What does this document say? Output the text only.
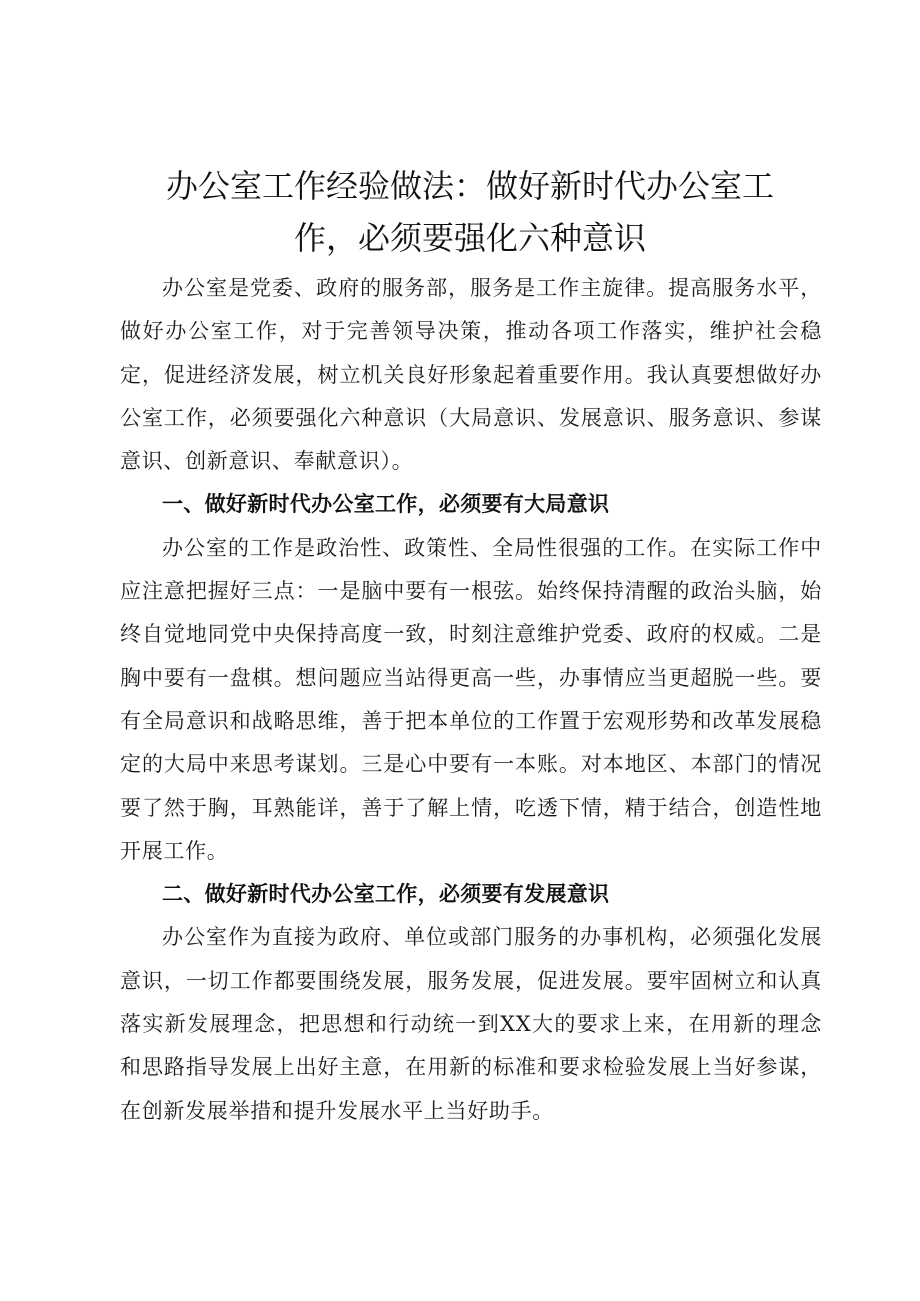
办公室工作经验做法：做好新时代办公室工
作，必须要强化六种意识

办公室是党委、政府的服务部，服务是工作主旋律。提高服务水平，做好办公室工作，对于完善领导决策，推动各项工作落实，维护社会稳定，促进经济发展，树立机关良好形象起着重要作用。我认真要想做好办公室工作，必须要强化六种意识（大局意识、发展意识、服务意识、参谋意识、创新意识、奉献意识）。

一、做好新时代办公室工作，必须要有大局意识

办公室的工作是政治性、政策性、全局性很强的工作。在实际工作中应注意把握好三点：一是脑中要有一根弦。始终保持清醒的政治头脑，始终自觉地同党中央保持高度一致，时刻注意维护党委、政府的权威。二是胸中要有一盘棋。想问题应当站得更高一些，办事情应当更超脱一些。要有全局意识和战略思维，善于把本单位的工作置于宏观形势和改革发展稳定的大局中来思考谋划。三是心中要有一本账。对本地区、本部门的情况要了然于胸，耳熟能详，善于了解上情，吃透下情，精于结合，创造性地开展工作。

二、做好新时代办公室工作，必须要有发展意识

办公室作为直接为政府、单位或部门服务的办事机构，必须强化发展意识，一切工作都要围绕发展，服务发展，促进发展。要牢固树立和认真落实新发展理念，把思想和行动统一到XX大的要求上来，在用新的理念和思路指导发展上出好主意，在用新的标准和要求检验发展上当好参谋，在创新发展举措和提升发展水平上当好助手。
